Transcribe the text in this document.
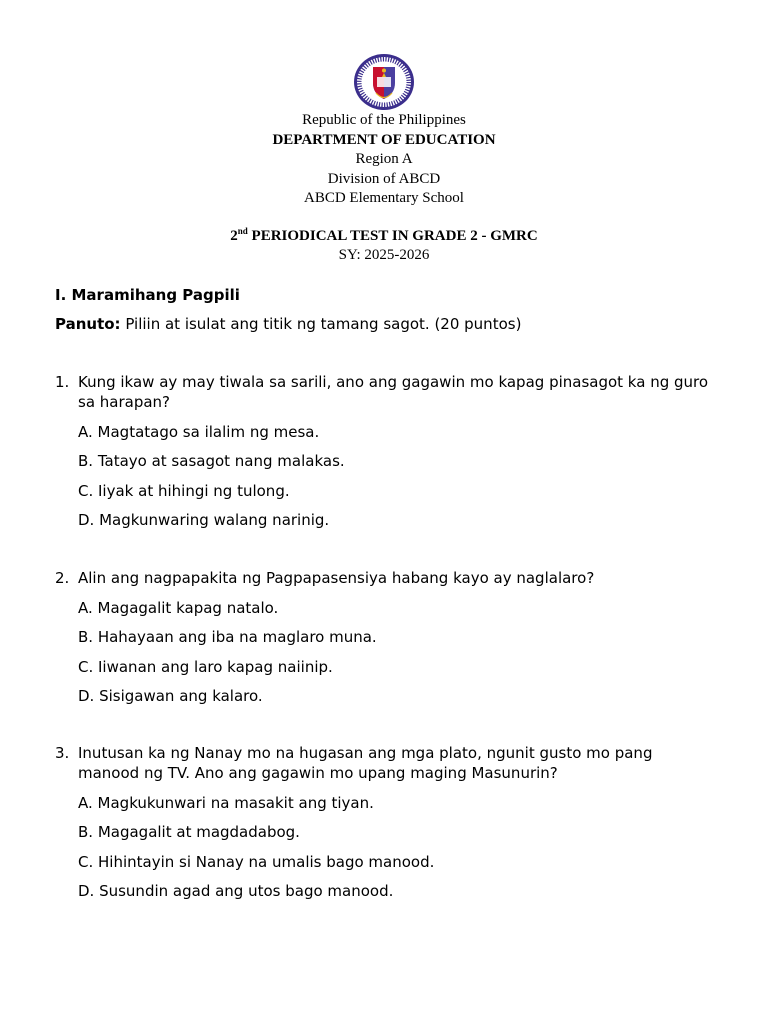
Republic of the Philippines
DEPARTMENT OF EDUCATION
Region A
Division of ABCD
ABCD Elementary School
2nd PERIODICAL TEST IN GRADE 2 - GMRC
SY: 2025-2026
I. Maramihang Pagpili
Panuto: Piliin at isulat ang titik ng tamang sagot. (20 puntos)
1. Kung ikaw ay may tiwala sa sarili, ano ang gagawin mo kapag pinasagot ka ng guro sa harapan?
A. Magtatago sa ilalim ng mesa.
B. Tatayo at sasagot nang malakas.
C. Iiyak at hihingi ng tulong.
D. Magkunwaring walang narinig.
2. Alin ang nagpapakita ng Pagpapasensiya habang kayo ay naglalaro?
A. Magagalit kapag natalo.
B. Hahayaan ang iba na maglaro muna.
C. Iiwanan ang laro kapag naiinip.
D. Sisigawan ang kalaro.
3. Inutusan ka ng Nanay mo na hugasan ang mga plato, ngunit gusto mo pang manood ng TV. Ano ang gagawin mo upang maging Masunurin?
A. Magkukunwari na masakit ang tiyan.
B. Magagalit at magdadabog.
C. Hihintayin si Nanay na umalis bago manood.
D. Susundin agad ang utos bago manood.
